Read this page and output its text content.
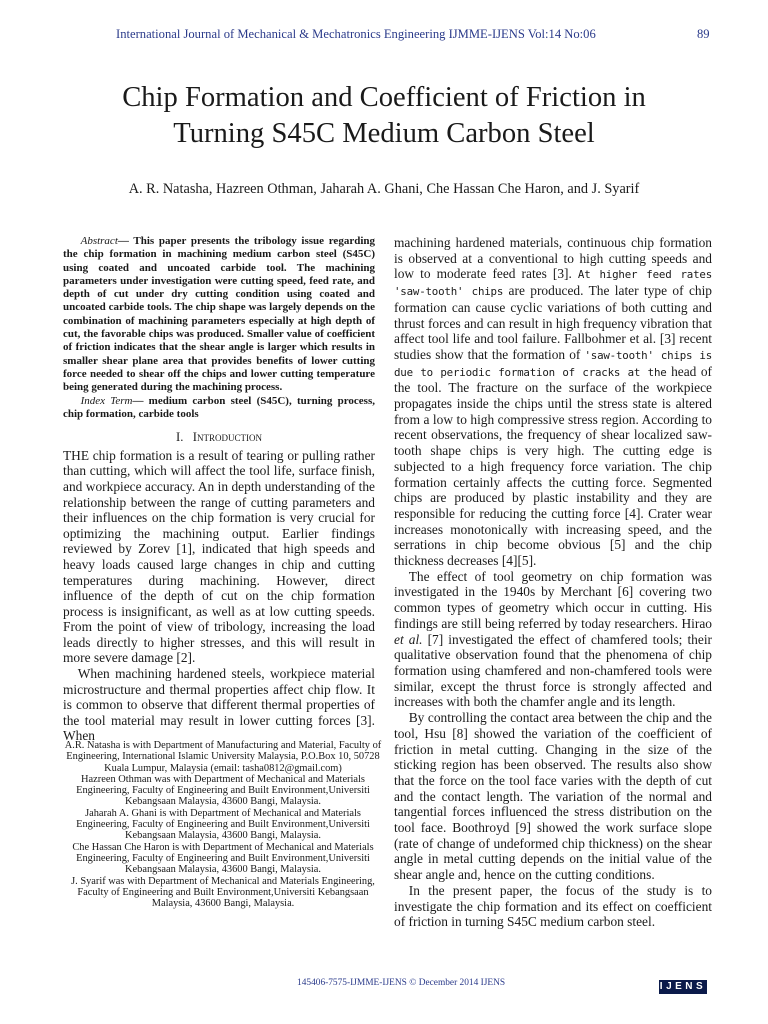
International Journal of Mechanical & Mechatronics Engineering IJMME-IJENS Vol:14 No:06	89
Chip Formation and Coefficient of Friction in
Turning S45C Medium Carbon Steel
A. R. Natasha, Hazreen Othman, Jaharah A. Ghani, Che Hassan Che Haron, and J. Syarif

Abstract— This paper presents the tribology issue regarding the chip formation in machining medium carbon steel (S45C) using coated and uncoated carbide tool. The machining parameters under investigation were cutting speed, feed rate, and depth of cut under dry cutting condition using coated and uncoated carbide tools. The chip shape was largely depends on the combination of machining parameters especially at high depth of cut, the favorable chips was produced. Smaller value of coefficient of friction indicates that the shear angle is larger which results in smaller shear plane area that provides benefits of lower cutting force needed to shear off the chips and lower cutting temperature being generated during the machining process.

Index Term— medium carbon steel (S45C), turning process, chip formation, carbide tools

I. Introduction

THE chip formation is a result of tearing or pulling rather than cutting, which will affect the tool life, surface finish, and workpiece accuracy. An in depth understanding of the relationship between the range of cutting parameters and their influences on the chip formation is very crucial for optimizing the machining output. Earlier findings reviewed by Zorev [1], indicated that high speeds and heavy loads caused large changes in chip and cutting temperatures during machining. However, direct influence of the depth of cut on the chip formation process is insignificant, as well as at low cutting speeds. From the point of view of tribology, increasing the load leads directly to higher stresses, and this will result in more severe damage [2].

When machining hardened steels, workpiece material microstructure and thermal properties affect chip flow. It is common to observe that different thermal properties of the tool material may result in lower cutting forces [3]. When

machining hardened materials, continuous chip formation is observed at a conventional to high cutting speeds and low to moderate feed rates [3]. At higher feed rates 'saw-tooth' chips are produced. The later type of chip formation can cause cyclic variations of both cutting and thrust forces and can result in high frequency vibration that affect tool life and tool failure. Fallbohmer et al. [3] recent studies show that the formation of 'saw-tooth' chips is due to periodic formation of cracks at the head of the tool. The fracture on the surface of the workpiece propagates inside the chips until the stress state is altered from a low to high compressive stress region. According to recent observations, the frequency of shear localized saw-tooth shape chips is very high. The cutting edge is subjected to a high frequency force variation. The chip formation certainly affects the cutting force. Segmented chips are produced by plastic instability and they are responsible for reducing the cutting force [4]. Crater wear increases monotonically with increasing speed, and the serrations in chip become obvious [5] and the chip thickness decreases [4][5].

The effect of tool geometry on chip formation was investigated in the 1940s by Merchant [6] covering two common types of geometry which occur in cutting. His findings are still being referred by today researchers. Hirao et al. [7] investigated the effect of chamfered tools; their qualitative observation found that the phenomena of chip formation using chamfered and non-chamfered tools were similar, except the thrust force is strongly affected and increases with both the chamfer angle and its length.

By controlling the contact area between the chip and the tool, Hsu [8] showed the variation of the coefficient of friction in metal cutting. Changing in the size of the sticking region has been observed. The results also show that the force on the tool face varies with the depth of cut and the contact length. The variation of the normal and tangential forces influenced the stress distribution on the tool face. Boothroyd [9] showed the work surface slope (rate of change of undeformed chip thickness) on the shear angle in metal cutting depends on the initial value of the shear angle and, hence on the cutting conditions.

In the present paper, the focus of the study is to investigate the chip formation and its effect on coefficient of friction in turning S45C medium carbon steel.

A.R. Natasha is with Department of Manufacturing and Material, Faculty of Engineering, International Islamic University Malaysia, P.O.Box 10, 50728 Kuala Lumpur, Malaysia (email: tasha0812@gmail.com)

Hazreen Othman was with Department of Mechanical and Materials Engineering, Faculty of Engineering and Built Environment,Universiti Kebangsaan Malaysia, 43600 Bangi, Malaysia.

Jaharah A. Ghani is with Department of Mechanical and Materials Engineering, Faculty of Engineering and Built Environment,Universiti Kebangsaan Malaysia, 43600 Bangi, Malaysia.

Che Hassan Che Haron is with Department of Mechanical and Materials Engineering, Faculty of Engineering and Built Environment,Universiti Kebangsaan Malaysia, 43600 Bangi, Malaysia.

J. Syarif was with Department of Mechanical and Materials Engineering, Faculty of Engineering and Built Environment,Universiti Kebangsaan Malaysia, 43600 Bangi, Malaysia.

145406-7575-IJMME-IJENS © December 2014 IJENS	IJENS
